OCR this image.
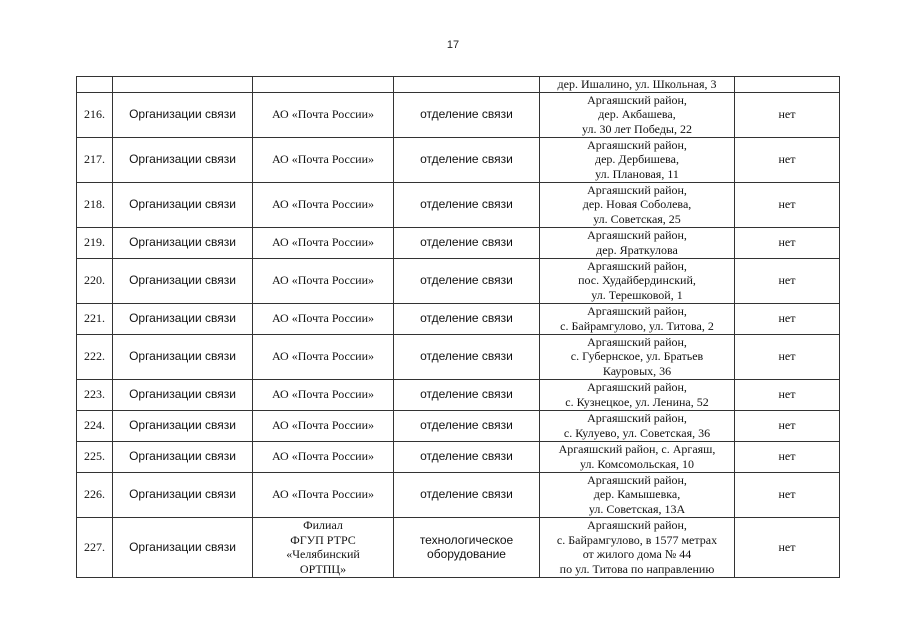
17
				дер. Ишалино, ул. Школьная, 3	
216.	Организации связи	АО «Почта России»	отделение связи	Аргаяшский район,
дер. Акбашева,
ул. 30 лет Победы, 22	нет
217.	Организации связи	АО «Почта России»	отделение связи	Аргаяшский район,
дер. Дербишева,
ул. Плановая, 11	нет
218.	Организации связи	АО «Почта России»	отделение связи	Аргаяшский район,
дер. Новая Соболева,
ул. Советская, 25	нет
219.	Организации связи	АО «Почта России»	отделение связи	Аргаяшский район,
дер. Яраткулова	нет
220.	Организации связи	АО «Почта России»	отделение связи	Аргаяшский район,
пос. Худайбердинский,
ул. Терешковой, 1	нет
221.	Организации связи	АО «Почта России»	отделение связи	Аргаяшский район,
с. Байрамгулово, ул. Титова, 2	нет
222.	Организации связи	АО «Почта России»	отделение связи	Аргаяшский район,
с. Губернское, ул. Братьев
Кауровых, 36	нет
223.	Организации связи	АО «Почта России»	отделение связи	Аргаяшский район,
с. Кузнецкое, ул. Ленина, 52	нет
224.	Организации связи	АО «Почта России»	отделение связи	Аргаяшский район,
с. Кулуево, ул. Советская, 36	нет
225.	Организации связи	АО «Почта России»	отделение связи	Аргаяшский район, с. Аргаяш,
ул. Комсомольская, 10	нет
226.	Организации связи	АО «Почта России»	отделение связи	Аргаяшский район,
дер. Камышевка,
ул. Советская, 13А	нет
227.	Организации связи	Филиал
ФГУП РТРС
«Челябинский
ОРТПЦ»	технологическое
оборудование	Аргаяшский район,
с. Байрамгулово, в 1577 метрах
от жилого дома № 44
по ул. Титова по направлению	нет
